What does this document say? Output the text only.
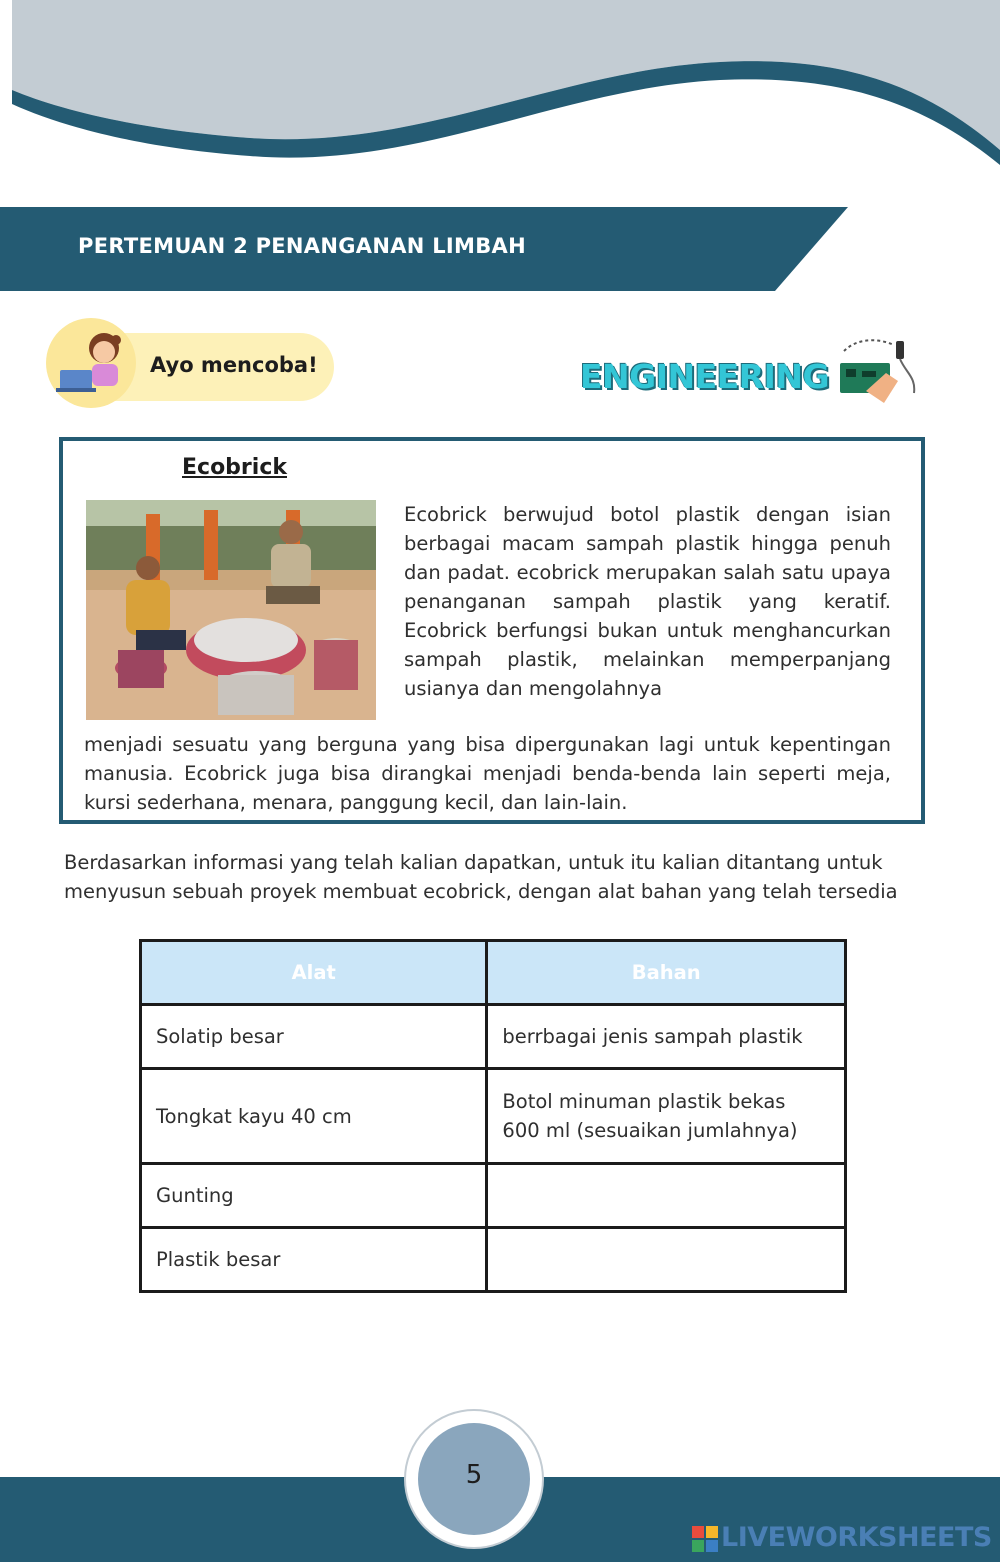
PERTEMUAN 2 PENANGANAN LIMBAH
Ayo mencoba!	ENGINEERING
Ecobrick
Ecobrick berwujud botol plastik dengan isian
berbagai macam sampah plastik hingga penuh
dan padat. ecobrick merupakan salah satu upaya
penanganan sampah plastik yang keratif.
Ecobrick berfungsi bukan untuk menghancurkan
sampah plastik, melainkan memperpanjang
usianya dan mengolahnya
menjadi sesuatu yang berguna yang bisa dipergunakan lagi untuk kepentingan
manusia. Ecobrick juga bisa dirangkai menjadi benda-benda lain seperti meja,
kursi sederhana, menara, panggung kecil, dan lain-lain.
Berdasarkan informasi yang telah kalian dapatkan, untuk itu kalian ditantang untuk
menyusun sebuah proyek membuat ecobrick, dengan alat bahan yang telah tersedia
Alat	Bahan
Solatip besar	berrbagai jenis sampah plastik

Tongkat kayu 40 cm	Botol minuman plastik bekas
600 ml (sesuaikan jumlahnya)

Gunting	
Plastik besar	
5
LIVEWORKSHEETS
